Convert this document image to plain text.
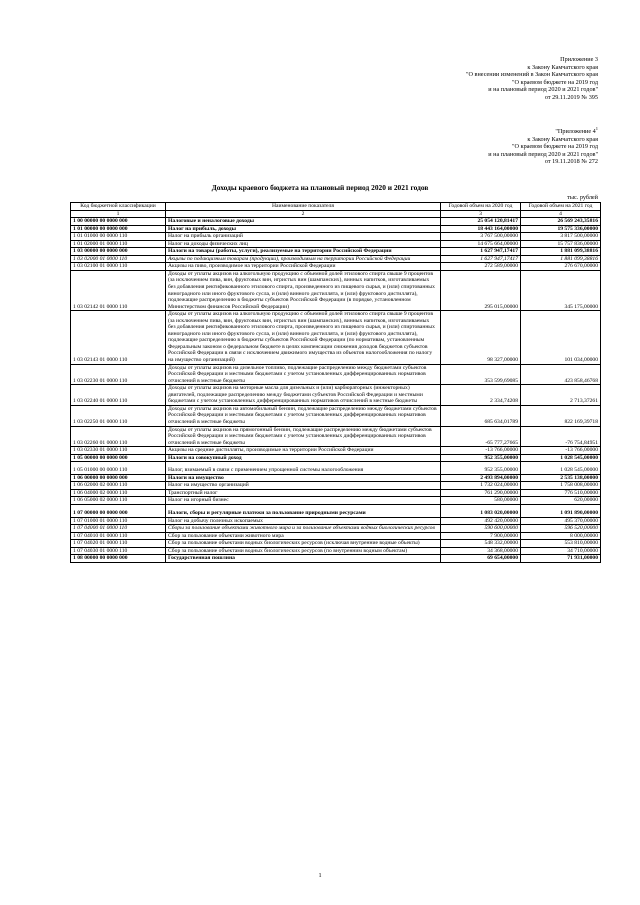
Приложение 3
к Закону Камчатского края
"О внесении изменений в Закон Камчатского края
"О краевом бюджете на 2019 год
и на плановый период 2020 и 2021 годов"
от 29.11.2019 № 395
"Приложение $4^1$
к Закону Камчатского края
"О краевом бюджете на 2019 год
и на плановый период 2020 и 2021 годов"
от 19.11.2018 № 272
Доходы краевого бюджета на плановый период 2020 и 2021 годов
тыс. рублей
Код бюджетной классификации	Наименование показателя	Годовой объем на 2020 год	Годовой объем на 2021 год
1	2	3	4
1 00 00000 00 0000 000	Налоговые и неналоговые доходы	25 054 120,81417	26 569 243,35816
1 01 00000 00 0000 000	Налог на прибыль, доходы	18 443 164,00000	19 575 336,00000
1 01 01000 00 0000 110	Налог на прибыль организаций	3 767 500,00000	3 817 500,00000
1 01 02000 01 0000 110	Налог на доходы физических лиц	14 675 664,00000	15 757 836,00000
1 03 00000 00 0000 000	Налоги на товары (работы, услуги), реализуемые на территории Российской Федерации	1 627 947,17417	1 881 099,38816
1 03 02000 01 0000 110	Акцизы по подакцизным товарам (продукции), производимым на территории Российской Федерации	1 627 947,17417	1 881 099,38816
1 03 02100 01 0000 110	Акцизы на пиво, производимое на территории Российской Федерации	272 589,00000	276 670,00000
1 03 02142 01 0000 110	Доходы от уплаты акцизов на алкогольную продукцию с объемной долей этилового спирта свыше 9 процентов (за исключением пива, вин, фруктовых вин, игристых вин (шампанских), винных напитков, изготавливаемых без добавления ректификованного этилового спирта, произведенного из пищевого сырья, и (или) спиртованных виноградного или иного фруктового сусла, и (или) винного дистиллята, и (или) фруктового дистиллята), подлежащие распределению в бюджеты субъектов Российской Федерации (в порядке, установленном Министерством финансов Российской Федерации)	295 015,00000	345 175,00000
1 03 02143 01 0000 110	Доходы от уплаты акцизов на алкогольную продукцию с объемной долей этилового спирта свыше 9 процентов (за исключением пива, вин, фруктовых вин, игристых вин (шампанских), винных напитков, изготавливаемых без добавления ректификованного этилового спирта, произведенного из пищевого сырья, и (или) спиртованных виноградного или иного фруктового сусла, и (или) винного дистиллята, и (или) фруктового дистиллята), подлежащие распределению в бюджеты субъектов Российской Федерации (по нормативам, установленным Федеральным законом о федеральном бюджете в целях компенсации снижения доходов бюджетов субъектов Российской Федерации в связи с исключением движимого имущества из объектов налогообложения по налогу на имущество организаций)	98 327,00000	101 034,00000
1 03 02230 01 0000 110	Доходы от уплаты акцизов на дизельное топливо, подлежащие распределению между бюджетами субъектов Российской Федерации и местными бюджетами с учетом установленных дифференцированных нормативов отчислений в местные бюджеты	353 599,69085	423 858,46768
1 03 02240 01 0000 110	Доходы от уплаты акцизов на моторные масла для дизельных и (или) карбюраторных (инжекторных) двигателей, подлежащие распределению между бюджетами субъектов Российской Федерации и местными бюджетами с учетом установленных дифференцированных нормативов отчислений в местные бюджеты	2 334,74208	2 713,37261
1 03 02250 01 0000 110	Доходы от уплаты акцизов на автомобильный бензин, подлежащие распределению между бюджетами субъектов Российской Федерации и местными бюджетами с учетом установленных дифференцированных нормативов отчислений в местные бюджеты	685 634,01789	822 169,39718
1 03 02260 01 0000 110	Доходы от уплаты акцизов на прямогонный бензин, подлежащие распределению между бюджетами субъектов Российской Федерации и местными бюджетами с учетом установленных дифференцированных нормативов отчислений в местные бюджеты	-65 777,27665	-76 754,84951
1 03 02330 01 0000 110	Акцизы на средние дистилляты, производимые на территории Российской Федерации	-13 766,00000	-13 766,00000
1 05 00000 00 0000 000	Налоги на совокупный доход	952 355,00000	1 028 545,00000
1 05 01000 00 0000 110	Налог, взимаемый в связи с применением упрощенной системы налогообложения	952 355,00000	1 028 545,00000
1 06 00000 00 0000 000	Налоги на имущество	2 493 894,00000	2 535 138,00000
1 06 02000 02 0000 110	Налог на имущество организаций	1 732 024,00000	1 758 008,00000
1 06 04000 02 0000 110	Транспортный налог	761 290,00000	776 510,00000
1 06 05000 02 0000 110	Налог на игорный бизнес	580,00000	620,00000
1 07 00000 00 0000 000	Налоги, сборы и регулярные платежи за пользование природными ресурсами	1 083 020,00000	1 091 890,00000
1 07 01000 01 0000 110	Налог на добычу полезных ископаемых	492 420,00000	495 370,00000
1 07 04000 01 0000 110	Сборы за пользование объектами животного мира и за пользование объектами водных биологических ресурсов	590 600,00000	596 520,00000
1 07 04010 01 0000 110	Сбор за пользование объектами животного мира	7 900,00000	8 000,00000
1 07 04020 01 0000 110	Сбор за пользование объектами водных биологических ресурсов (исключая внутренние водные объекты)	548 332,00000	553 810,00000
1 07 04030 01 0000 110	Сбор за пользование объектами водных биологических ресурсов (по внутренним водным объектам)	34 368,00000	34 710,00000
1 08 00000 00 0000 000	Государственная пошлина	69 654,00000	71 931,00000
1
